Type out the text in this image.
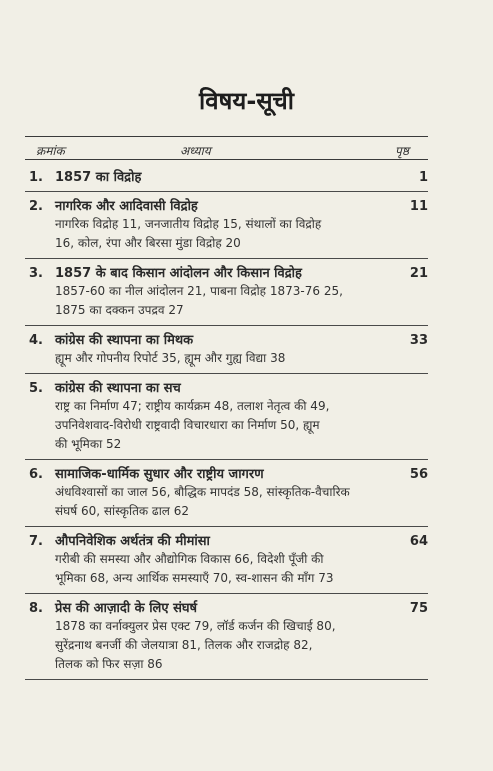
विषय-सूची
क्रमांक	अध्याय	पृष्ठ
1. 1857 का विद्रोह	1
2. नागरिक और आदिवासी विद्रोह	11
नागरिक विद्रोह 11, जनजातीय विद्रोह 15, संथालों का विद्रोह
16, कोल, रंपा और बिरसा मुंडा विद्रोह 20
3. 1857 के बाद किसान आंदोलन और किसान विद्रोह	21
1857-60 का नील आंदोलन 21, पाबना विद्रोह 1873-76 25,
1875 का दक्कन उपद्रव 27
4. कांग्रेस की स्थापना का मिथक	33
ह्यूम और गोपनीय रिपोर्ट 35, ह्यूम और गुह्य विद्या 38
5. कांग्रेस की स्थापना का सच
राष्ट्र का निर्माण 47; राष्ट्रीय कार्यक्रम 48, तलाश नेतृत्व की 49,
उपनिवेशवाद-विरोधी राष्ट्रवादी विचारधारा का निर्माण 50, ह्यूम
की भूमिका 52
6. सामाजिक-धार्मिक सुधार और राष्ट्रीय जागरण	56
अंधविश्वासों का जाल 56, बौद्धिक मापदंड 58, सांस्कृतिक-वैचारिक
संघर्ष 60, सांस्कृतिक ढाल 62
7. औपनिवेशिक अर्थतंत्र की मीमांसा	64
गरीबी की समस्या और औद्योगिक विकास 66, विदेशी पूँजी की
भूमिका 68, अन्य आर्थिक समस्याएँ 70, स्व-शासन की माँग 73
8. प्रेस की आज़ादी के लिए संघर्ष	75
1878 का वर्नाक्युलर प्रेस एक्ट 79, लॉर्ड कर्जन की खिचाई 80,
सुरेंद्रनाथ बनर्जी की जेलयात्रा 81, तिलक और राजद्रोह 82,
तिलक को फिर सज़ा 86
